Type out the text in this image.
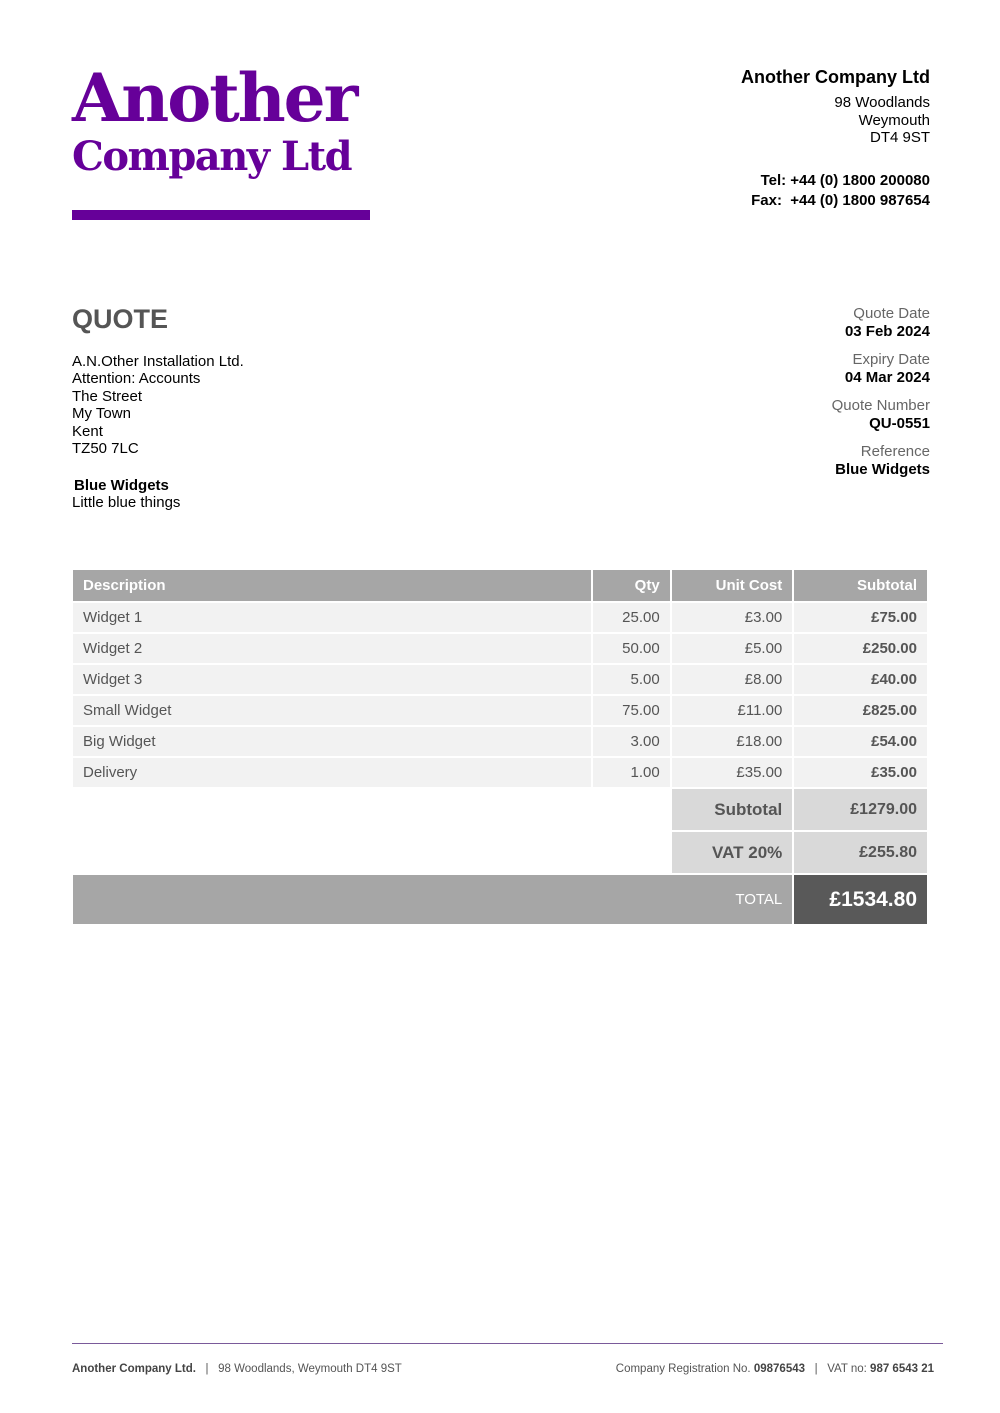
Another
Company Ltd
Another Company Ltd
98 Woodlands
Weymouth
DT4 9ST
Tel: +44 (0) 1800 200080
Fax:  +44 (0) 1800 987654
QUOTE
A.N.Other Installation Ltd.
Attention: Accounts
The Street
My Town
Kent
TZ50 7LC
Blue Widgets
Little blue things
Quote Date
03 Feb 2024
Expiry Date
04 Mar 2024
Quote Number
QU-0551
Reference
Blue Widgets
Description	Qty	Unit Cost	Subtotal
Widget 1	25.00	£3.00	£75.00
Widget 2	50.00	£5.00	£250.00
Widget 3	5.00	£8.00	£40.00
Small Widget	75.00	£11.00	£825.00
Big Widget	3.00	£18.00	£54.00
Delivery	1.00	£35.00	£35.00
		Subtotal	£1279.00
		VAT 20%	£255.80
TOTAL			£1534.80
Another Company Ltd.   |   98 Woodlands, Weymouth DT4 9ST	Company Registration No. 09876543   |   VAT no: 987 6543 21
